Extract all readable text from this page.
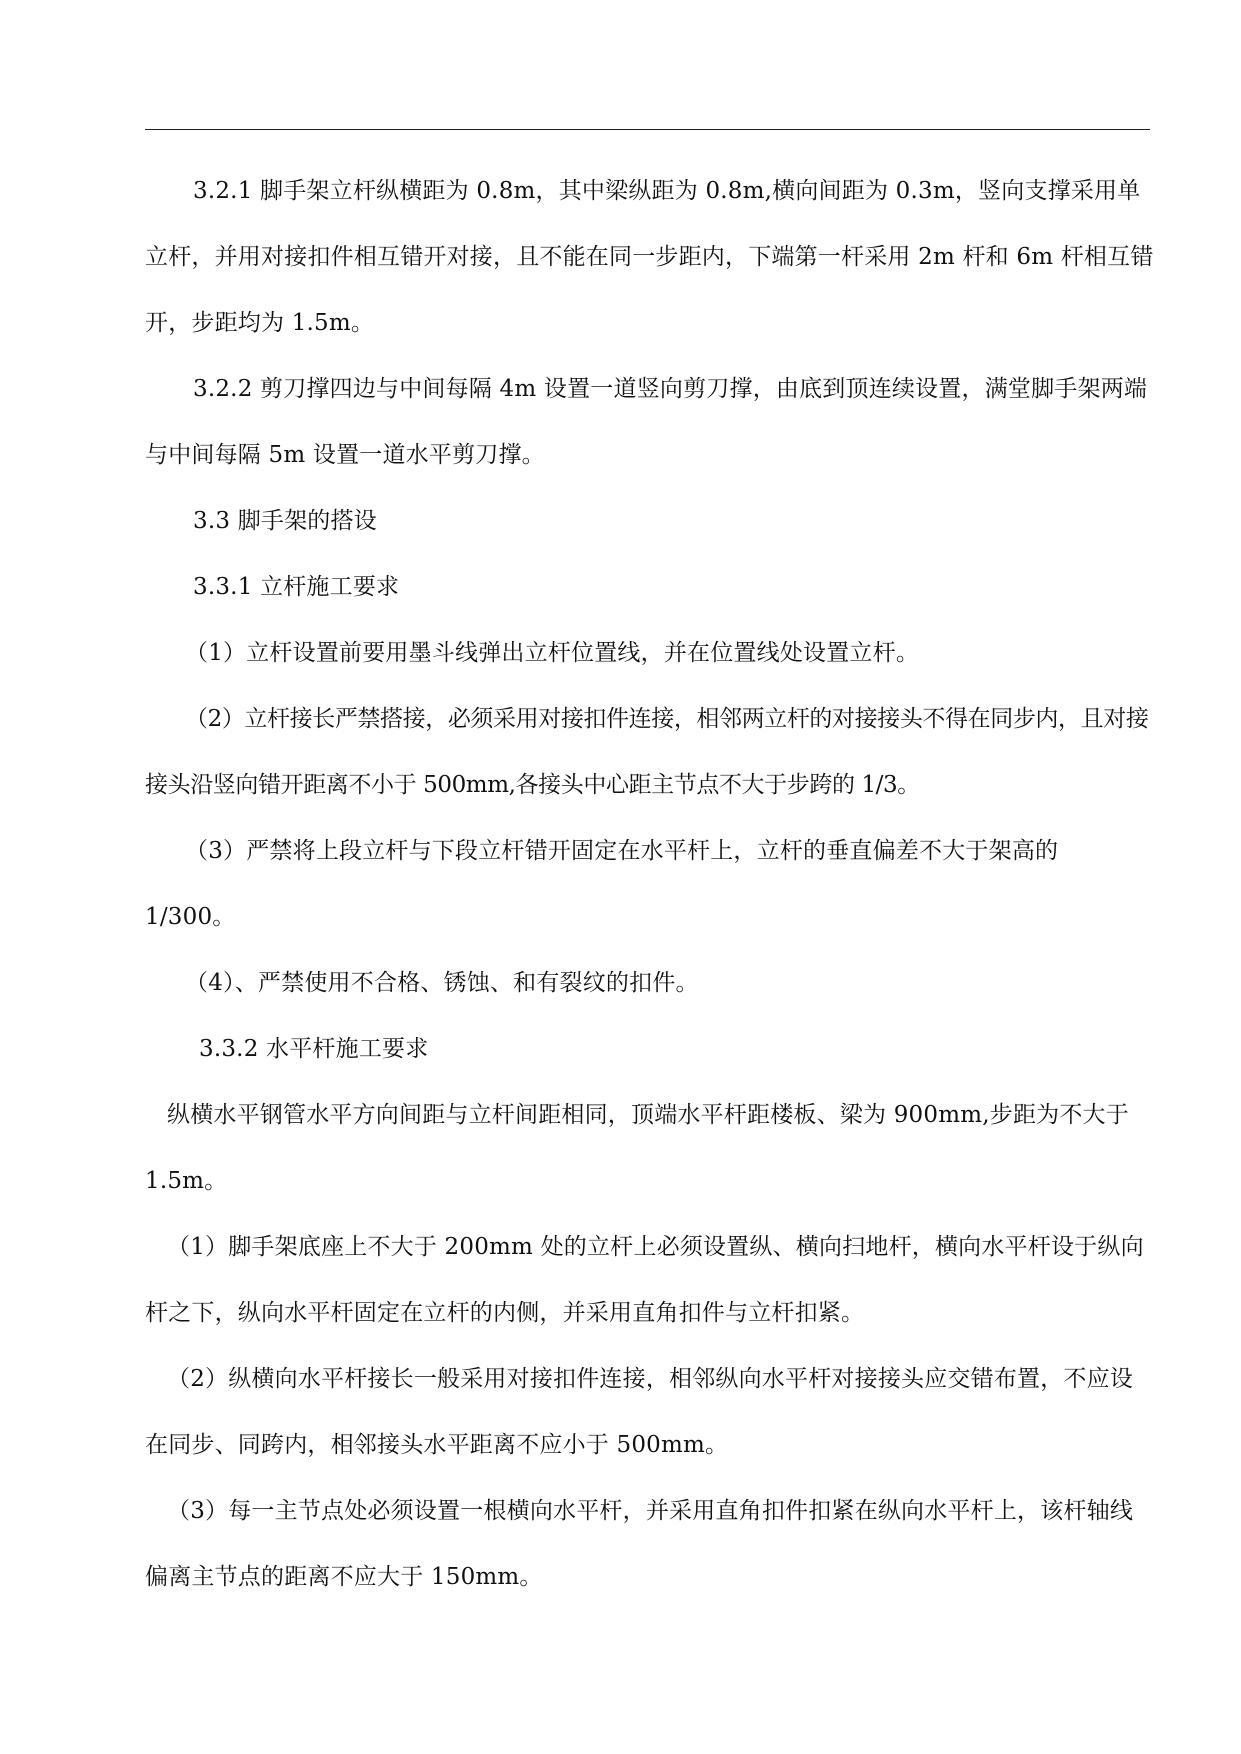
3.2.1 脚手架立杆纵横距为 0.8m，其中梁纵距为 0.8m,横向间距为 0.3m，竖向支撑采用单立杆，并用对接扣件相互错开对接，且不能在同一步距内，下端第一杆采用 2m 杆和 6m 杆相互错开，步距均为 1.5m。

3.2.2 剪刀撑四边与中间每隔 4m 设置一道竖向剪刀撑，由底到顶连续设置，满堂脚手架两端与中间每隔 5m 设置一道水平剪刀撑。

3.3 脚手架的搭设

3.3.1 立杆施工要求

（1）立杆设置前要用墨斗线弹出立杆位置线，并在位置线处设置立杆。

（2）立杆接长严禁搭接，必须采用对接扣件连接，相邻两立杆的对接接头不得在同步内，且对接接头沿竖向错开距离不小于 500mm,各接头中心距主节点不大于步跨的 1/3。

（3）严禁将上段立杆与下段立杆错开固定在水平杆上，立杆的垂直偏差不大于架高的 1/300。

（4）、严禁使用不合格、锈蚀、和有裂纹的扣件。

3.3.2 水平杆施工要求

纵横水平钢管水平方向间距与立杆间距相同，顶端水平杆距楼板、梁为 900mm,步距为不大于 1.5m。

（1）脚手架底座上不大于 200mm 处的立杆上必须设置纵、横向扫地杆，横向水平杆设于纵向杆之下，纵向水平杆固定在立杆的内侧，并采用直角扣件与立杆扣紧。

（2）纵横向水平杆接长一般采用对接扣件连接，相邻纵向水平杆对接接头应交错布置，不应设在同步、同跨内，相邻接头水平距离不应小于 500mm。

（3）每一主节点处必须设置一根横向水平杆，并采用直角扣件扣紧在纵向水平杆上，该杆轴线偏离主节点的距离不应大于 150mm。
